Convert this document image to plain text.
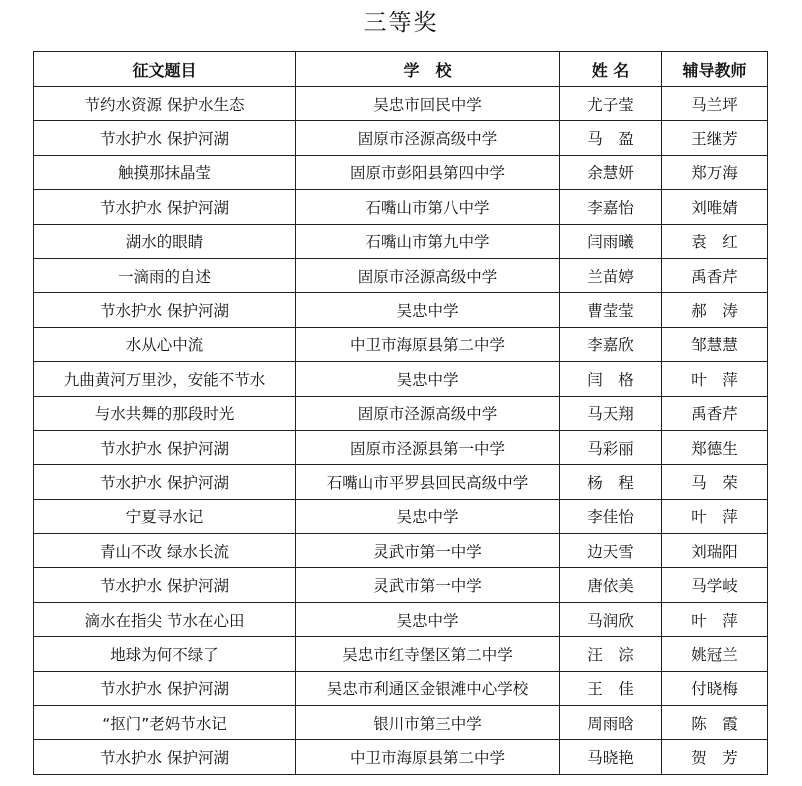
三等奖
征文题目	学　校	姓 名	辅导教师
节约水资源 保护水生态	吴忠市回民中学	尤子莹	马兰坪
节水护水 保护河湖	固原市泾源高级中学	马　盈	王继芳
触摸那抹晶莹	固原市彭阳县第四中学	余慧妍	郑万海
节水护水 保护河湖	石嘴山市第八中学	李嘉怡	刘唯婧
湖水的眼睛	石嘴山市第九中学	闫雨曦	袁　红
一滴雨的自述	固原市泾源高级中学	兰苗婷	禹香芹
节水护水 保护河湖	吴忠中学	曹莹莹	郝　涛
水从心中流	中卫市海原县第二中学	李嘉欣	邹慧慧
九曲黄河万里沙，安能不节水	吴忠中学	闫　格	叶　萍
与水共舞的那段时光	固原市泾源高级中学	马天翔	禹香芹
节水护水 保护河湖	固原市泾源县第一中学	马彩丽	郑德生
节水护水 保护河湖	石嘴山市平罗县回民高级中学	杨　程	马　荣
宁夏寻水记	吴忠中学	李佳怡	叶　萍
青山不改 绿水长流	灵武市第一中学	边天雪	刘瑞阳
节水护水 保护河湖	灵武市第一中学	唐依美	马学岐
滴水在指尖 节水在心田	吴忠中学	马润欣	叶　萍
地球为何不绿了	吴忠市红寺堡区第二中学	汪　淙	姚冠兰
节水护水 保护河湖	吴忠市利通区金银滩中心学校	王　佳	付晓梅
“抠门”老妈节水记	银川市第三中学	周雨晗	陈　霞
节水护水 保护河湖	中卫市海原县第二中学	马晓艳	贺　芳
